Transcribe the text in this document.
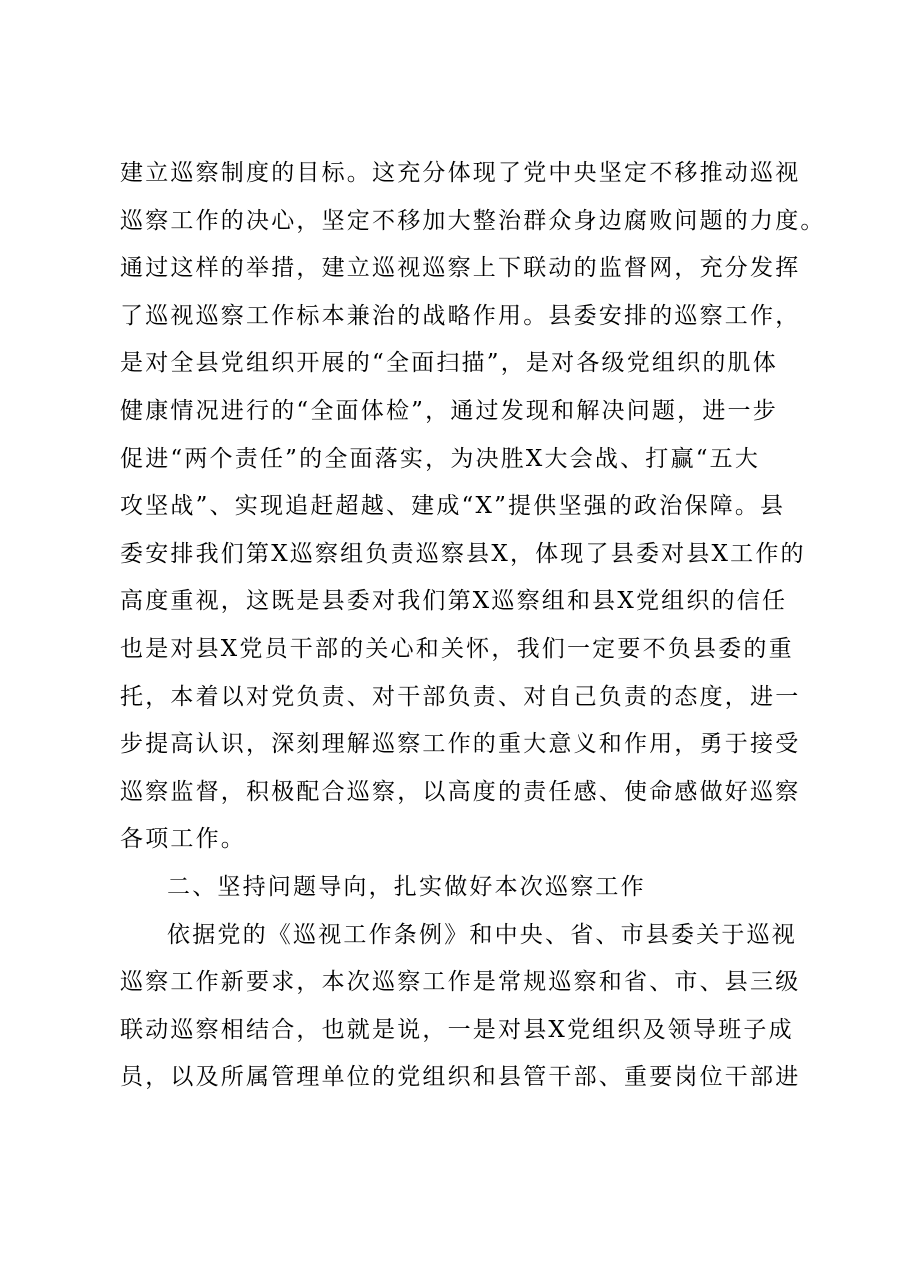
建立巡察制度的目标。这充分体现了党中央坚定不移推动巡视
巡察工作的决心，坚定不移加大整治群众身边腐败问题的力度。
通过这样的举措，建立巡视巡察上下联动的监督网，充分发挥
了巡视巡察工作标本兼治的战略作用。县委安排的巡察工作，
是对全县党组织开展的“全面扫描”，是对各级党组织的肌体
健康情况进行的“全面体检”，通过发现和解决问题，进一步
促进“两个责任”的全面落实，为决胜X大会战、打赢“五大
攻坚战”、实现追赶超越、建成“X”提供坚强的政治保障。县
委安排我们第X巡察组负责巡察县X，体现了县委对县X工作的
高度重视，这既是县委对我们第X巡察组和县X党组织的信任
也是对县X党员干部的关心和关怀，我们一定要不负县委的重
托，本着以对党负责、对干部负责、对自己负责的态度，进一
步提高认识，深刻理解巡察工作的重大意义和作用，勇于接受
巡察监督，积极配合巡察，以高度的责任感、使命感做好巡察
各项工作。
二、坚持问题导向，扎实做好本次巡察工作
依据党的《巡视工作条例》和中央、省、市县委关于巡视
巡察工作新要求，本次巡察工作是常规巡察和省、市、县三级
联动巡察相结合，也就是说，一是对县X党组织及领导班子成
员，以及所属管理单位的党组织和县管干部、重要岗位干部进
